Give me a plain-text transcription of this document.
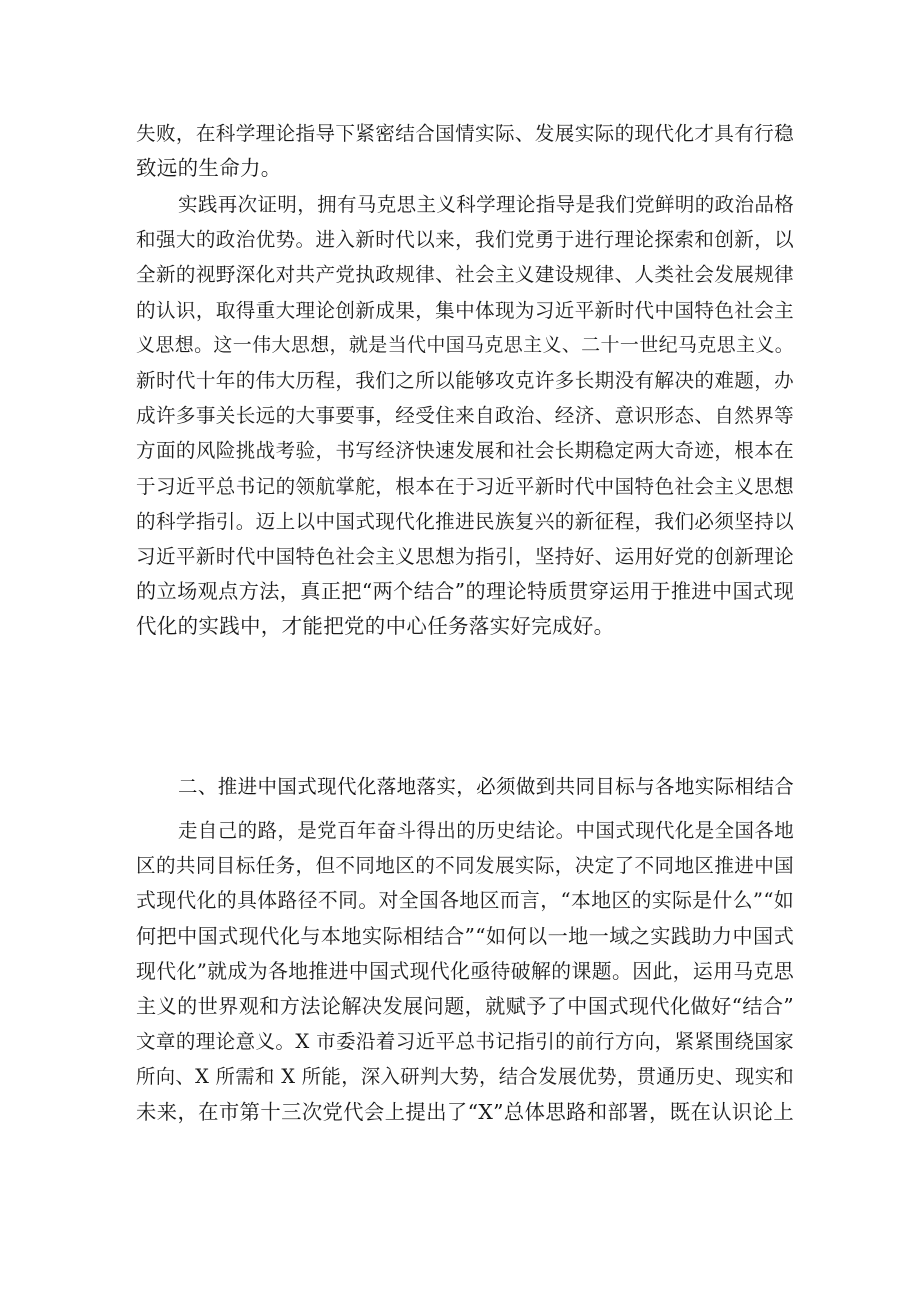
失败，在科学理论指导下紧密结合国情实际、发展实际的现代化才具有行稳
致远的生命力。
实践再次证明，拥有马克思主义科学理论指导是我们党鲜明的政治品格
和强大的政治优势。进入新时代以来，我们党勇于进行理论探索和创新，以
全新的视野深化对共产党执政规律、社会主义建设规律、人类社会发展规律
的认识，取得重大理论创新成果，集中体现为习近平新时代中国特色社会主
义思想。这一伟大思想，就是当代中国马克思主义、二十一世纪马克思主义。
新时代十年的伟大历程，我们之所以能够攻克许多长期没有解决的难题，办
成许多事关长远的大事要事，经受住来自政治、经济、意识形态、自然界等
方面的风险挑战考验，书写经济快速发展和社会长期稳定两大奇迹，根本在
于习近平总书记的领航掌舵，根本在于习近平新时代中国特色社会主义思想
的科学指引。迈上以中国式现代化推进民族复兴的新征程，我们必须坚持以
习近平新时代中国特色社会主义思想为指引，坚持好、运用好党的创新理论
的立场观点方法，真正把“两个结合”的理论特质贯穿运用于推进中国式现
代化的实践中，才能把党的中心任务落实好完成好。
二、推进中国式现代化落地落实，必须做到共同目标与各地实际相结合
走自己的路，是党百年奋斗得出的历史结论。中国式现代化是全国各地
区的共同目标任务，但不同地区的不同发展实际，决定了不同地区推进中国
式现代化的具体路径不同。对全国各地区而言，“本地区的实际是什么”“如
何把中国式现代化与本地实际相结合”“如何以一地一域之实践助力中国式
现代化”就成为各地推进中国式现代化亟待破解的课题。因此，运用马克思
主义的世界观和方法论解决发展问题，就赋予了中国式现代化做好“结合”
文章的理论意义。X 市委沿着习近平总书记指引的前行方向，紧紧围绕国家
所向、X 所需和 X 所能，深入研判大势，结合发展优势，贯通历史、现实和
未来，在市第十三次党代会上提出了“X”总体思路和部署，既在认识论上
